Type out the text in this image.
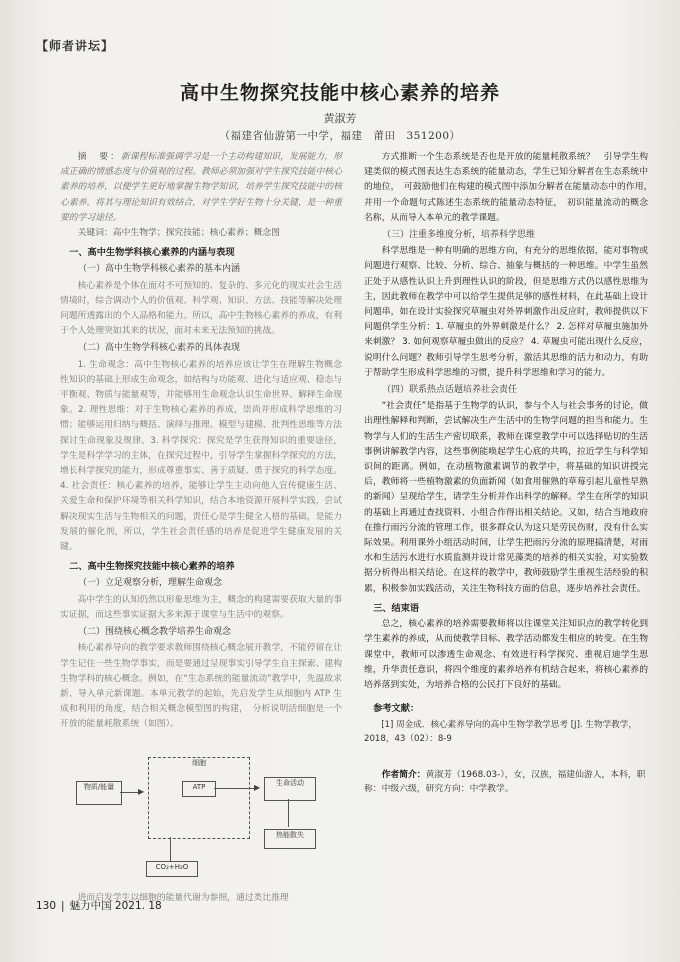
【师者讲坛】
高中生物探究技能中核心素养的培养
黄淑芳
（福建省仙游第一中学，福建　莆田　351200）

摘　要：新课程标准强调学习是一个主动构建知识，发展能力，形成正确的情感态度与价值观的过程。教师必须加强对学生探究技能中核心素养的培养，以便学生更好地掌握生物学知识，培养学生探究技能中的核心素养，将其与理论知识有效结合，对学生学好生物十分关键，是一种重要的学习途径。

关键词：高中生物学；探究技能；核心素养；概念图

一、高中生物学科核心素养的内涵与表现
（一）高中生物学科核心素养的基本内涵

核心素养是个体在面对不可预知的、复杂的、多元化的现实社会生活情境时，综合调动个人的价值观、科学观、知识、方法、技能等解决处理问题所透露出的个人品格和能力。所以，高中生物核心素养的养成，有利于个人处理突如其来的状况，面对未来无法预知的挑战。

（二）高中生物学科核心素养的具体表现

1. 生命观念：高中生物核心素养的培养应该让学生在理解生物概念性知识的基础上形成生命观念，如结构与功能观、进化与适应观、稳态与平衡观、物质与能量观等，并能够用生命观念认识生命世界、解释生命现象。2. 理性思维：对于生物核心素养的养成，崇尚并形成科学思维的习惯；能够运用归纳与概括、演绎与推理、模型与建模、批判性思维等方法探讨生命现象及规律。3. 科学探究：探究是学生获得知识的重要途径，学生是科学学习的主体，在探究过程中，引导学生掌握科学探究的方法，增长科学探究的能力，形成尊重事实、善于质疑、勇于探究的科学态度。4. 社会责任：核心素养的培养，能够让学生主动向他人宣传健康生活、关爱生命和保护环境等相关科学知识，结合本地资源开展科学实践，尝试解决现实生活与生物相关的问题，责任心是学生健全人格的基础，是能力发展的催化剂，所以，学生社会责任感的培养是促进学生健康发展的关键。

二、高中生物探究技能中核心素养的培养
（一）立足观察分析，理解生命观念

高中学生的认知仍然以形象思维为主，概念的构建需要获取大量的事实证据，而这些事实证据大多来源于课堂与生活中的观察。

（二）围绕核心概念教学培养生命观念

核心素养导向的教学要求教师围绕核心概念展开教学，不能停留在让学生记住一些生物学事实，而是要通过呈现事实引导学生自主探索、建构生物学科的核心概念。例如，在“生态系统的能量流动”教学中，先温故求新、导入单元新课题。本单元教学的起始，先启发学生从细胞内 ATP 生成和利用的角度，结合相关概念模型图的构建，　分析说明活细胞是一个开放的能量耗散系统（如图）。

物质/能量	▶
细胞
ATP	▶	生命活动
热能散失
CO₂+H₂O

进而启发学生以细胞的能量代谢为参照，通过类比推理

方式推断一个生态系统是否也是开放的能量耗散系统？　引导学生构建类似的模式图表达生态系统的能量动态，学生已知分解者在生态系统中的地位，　可鼓励他们在构建的模式图中添加分解者在能量动态中的作用，　并用一个命题句式陈述生态系统的能量动态特征，　初识能量流动的概念名称，从而导入本单元的教学课题。

（三）注重多维度分析，培养科学思维

科学思维是一种有明确的思维方向，有充分的思维依据，能对事物或问题进行观察、比较、分析、综合、抽象与概括的一种思维。中学生虽然正处于从感性认识上升到理性认识的阶段，但是思维方式仍以感性思维为主，因此教师在教学中可以给学生提供足够的感性材料，在此基础上设计问题串，如在设计实验探究草履虫对外界刺激作出反应时，教师提供以下问题供学生分析：1. 草履虫的外界刺激是什么？ 2. 怎样对草履虫施加外来刺激？ 3. 如何观察草履虫做出的反应？ 4. 草履虫可能出现什么反应，说明什么问题？教师引导学生思考分析，激活其思维的活力和动力，有助于帮助学生形成科学思维的习惯，提升科学思维和学习的能力。

（四）联系热点话题培养社会责任

“社会责任”是指基于生物学的认识，参与个人与社会事务的讨论，做出理性解释和判断，尝试解决生产生活中的生物学问题的担当和能力。生物学与人们的生活生产密切联系，教师在课堂教学中可以选择贴切的生活事例讲解教学内容，这些事例能唤起学生心底的共鸣，拉近学生与科学知识间的距离。例如，在动植物激素调节的教学中，将基础的知识讲授完后，教师将一些植物激素的负面新闻（如食用催熟的草莓引起儿童性早熟的新闻）呈现给学生，请学生分析并作出科学的解释。学生在所学的知识的基础上再通过查找资料、小组合作得出相关结论。又如，结合当地政府在推行雨污分流的管理工作，很多群众认为这只是劳民伤财，没有什么实际效果。利用课外小组活动时间，让学生把雨污分流的原理搞清楚，对雨水和生活污水进行水质监测并设计常见藻类的培养的相关实验，对实验数据分析得出相关结论。在这样的教学中，教师鼓励学生重视生活经验的积累，积极参加实践活动，关注生物科技方面的信息，逐步培养社会责任。

三、结束语

总之，核心素养的培养需要教师将以往课堂关注知识点的教学转化到学生素养的养成，从而使教学目标、教学活动都发生相应的转变。在生物课堂中，教师可以渗透生命观念、有效进行科学探究、重视启迪学生思维，升华责任意识，将四个维度的素养培养有机结合起来，将核心素养的培养落到实处，为培养合格的公民打下良好的基础。

参考文献：
[1] 周金成．核心素养导向的高中生物学教学思考 [J]. 生物学教学，2018，43（02）：8-9
作者简介：黄淑芳（1968.03-），女，汉族，福建仙游人，本科，职称：中级六级，研究方向：中学教学。
130 | 魅力中国 2021. 18
